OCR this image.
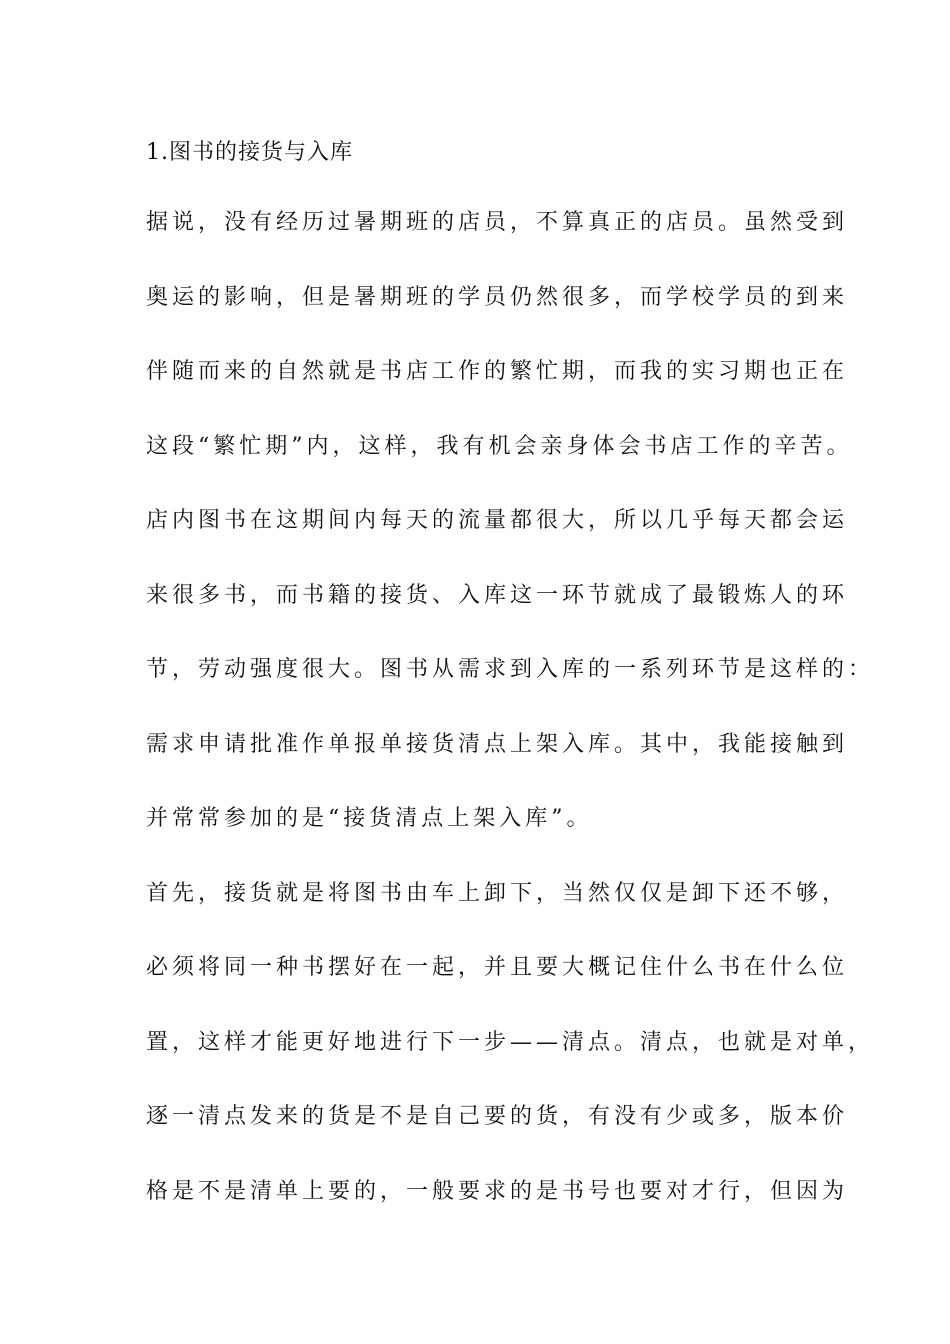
1.图书的接货与入库
据说，没有经历过暑期班的店员，不算真正的店员。虽然受到
奥运的影响，但是暑期班的学员仍然很多，而学校学员的到来
伴随而来的自然就是书店工作的繁忙期，而我的实习期也正在
这段“繁忙期”内，这样，我有机会亲身体会书店工作的辛苦。
店内图书在这期间内每天的流量都很大，所以几乎每天都会运
来很多书，而书籍的接货、入库这一环节就成了最锻炼人的环
节，劳动强度很大。图书从需求到入库的一系列环节是这样的：
需求申请批准作单报单接货清点上架入库。其中，我能接触到
并常常参加的是“接货清点上架入库”。
首先，接货就是将图书由车上卸下，当然仅仅是卸下还不够，
必须将同一种书摆好在一起，并且要大概记住什么书在什么位
置，这样才能更好地进行下一步——清点。清点，也就是对单，
逐一清点发来的货是不是自己要的货，有没有少或多，版本价
格是不是清单上要的，一般要求的是书号也要对才行，但因为
